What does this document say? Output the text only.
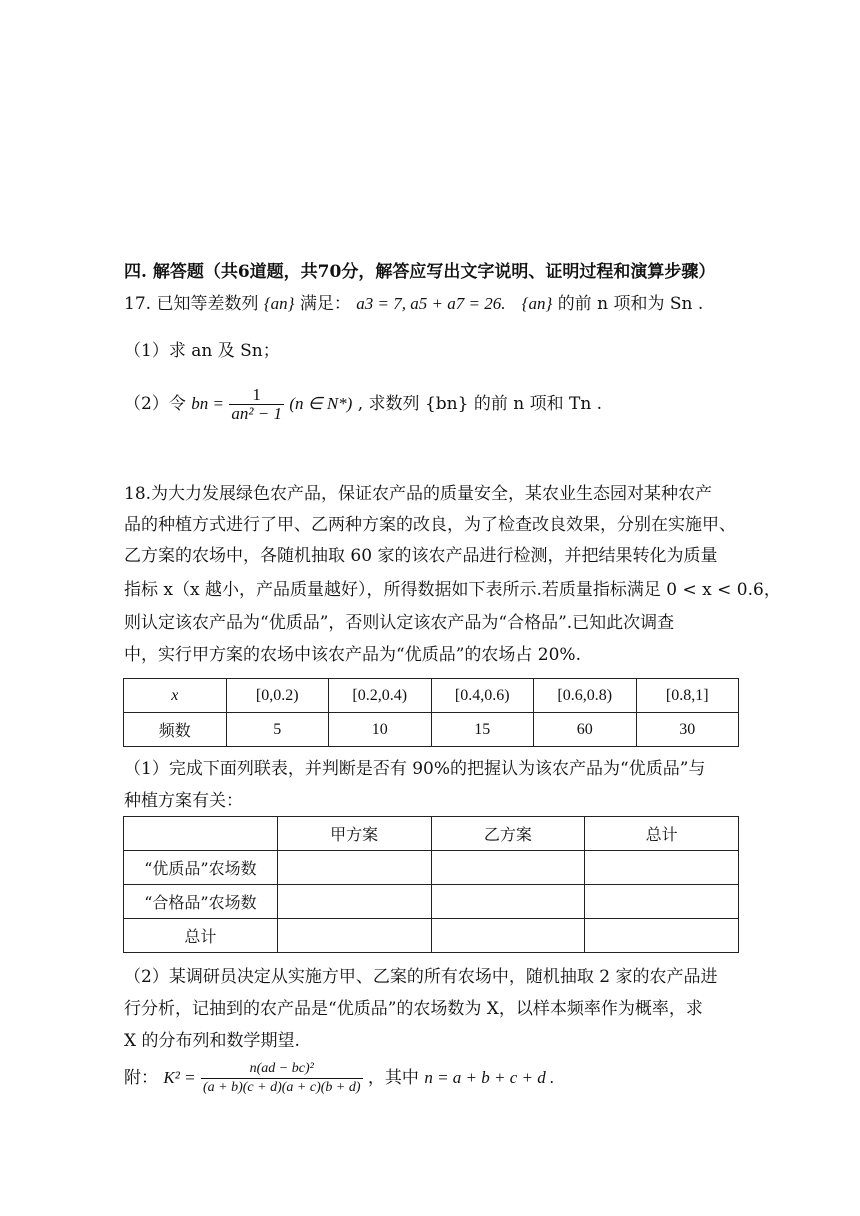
四. 解答题（共6道题，共70分，解答应写出文字说明、证明过程和演算步骤）
17. 已知等差数列 {an} 满足： a3 = 7, a5 + a7 = 26. {an} 的前 n 项和为 Sn .
（1）求 an 及 Sn；
（2）令 bn = $\frac{1}{\text{an² − 1}} (n$ ∈ N*) , 求数列 {bn} 的前 n 项和 Tn .
18.为大力发展绿色农产品，保证农产品的质量安全，某农业生态园对某种农产
品的种植方式进行了甲、乙两种方案的改良，为了检查改良效果，分别在实施甲、
乙方案的农场中，各随机抽取 60 家的该农产品进行检测，并把结果转化为质量
指标 x（x 越小，产品质量越好），所得数据如下表所示.若质量指标满足 0 < x < 0.6，
则认定该农产品为“优质品”，否则认定该农产品为“合格品”.已知此次调查
中，实行甲方案的农场中该农产品为“优质品”的农场占 20%.
x	[0,0.2)	[0.2,0.4)	[0.4,0.6)	[0.6,0.8)	[0.8,1]
频数	5	10	15	60	30
（1）完成下面列联表，并判断是否有 90%的把握认为该农产品为“优质品”与
种植方案有关：
	甲方案	乙方案	总计
“优质品”农场数			
“合格品”农场数			
总计			
（2）某调研员决定从实施方甲、乙案的所有农场中，随机抽取 2 家的农产品进
行分析，记抽到的农产品是“优质品”的农场数为 X，以样本频率作为概率，求
X 的分布列和数学期望.
附： $K^2 = \frac{\text{n(ad − bc)²}}{(a + b)(c + d)(a + c)(b + d)}$ ，其中 n = a + b + c + d .
